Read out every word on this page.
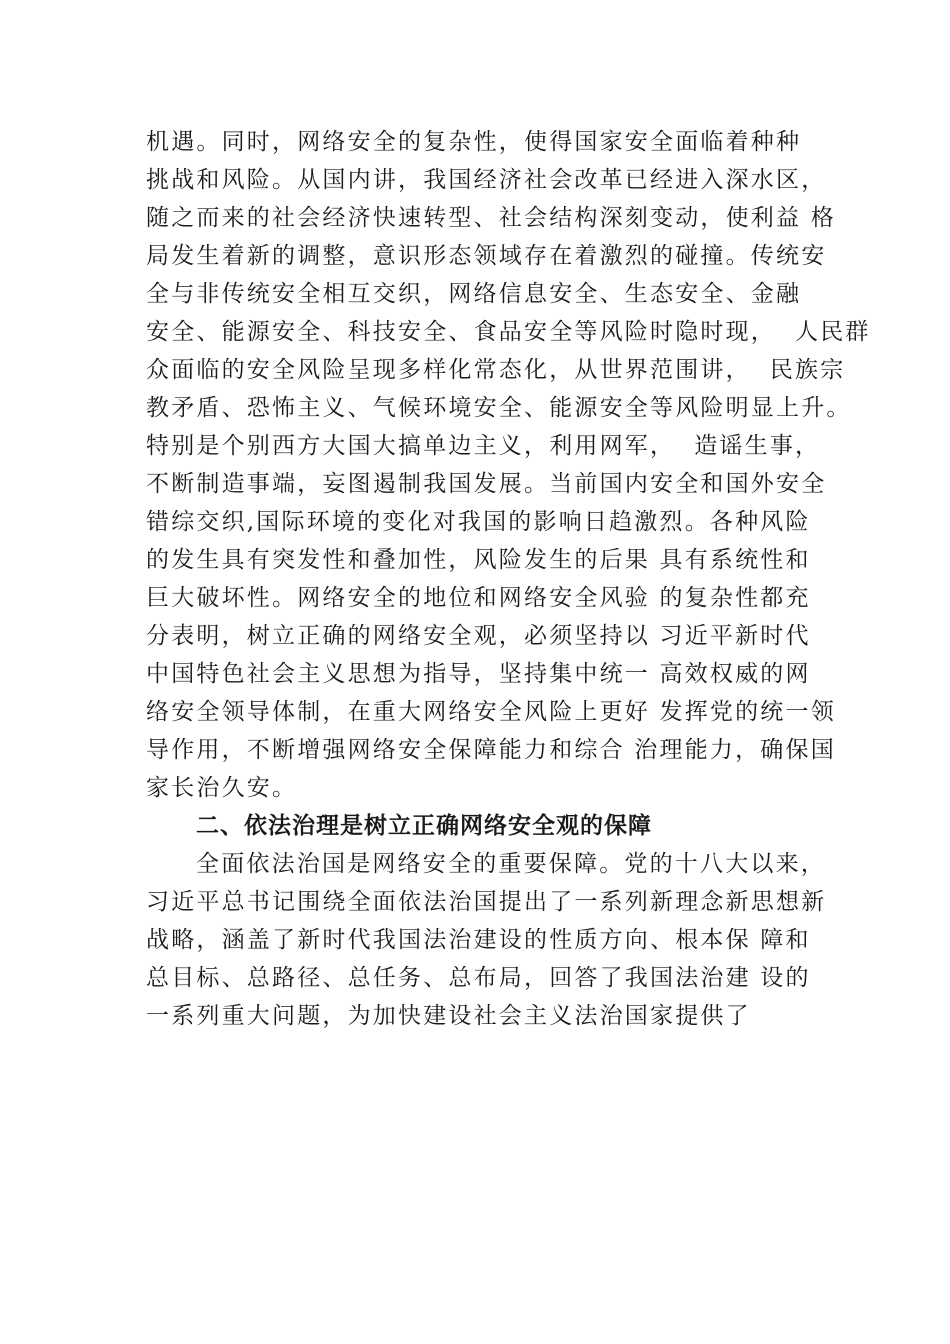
机遇。同时，网络安全的复杂性，使得国家安全面临着种种
挑战和风险。从国内讲，我国经济社会改革已经进入深水区，
随之而来的社会经济快速转型、社会结构深刻变动，使利益 格
局发生着新的调整，意识形态领域存在着激烈的碰撞。传统安
全与非传统安全相互交织，网络信息安全、生态安全、金融
安全、能源安全、科技安全、食品安全等风险时隐时现，  人民群
众面临的安全风险呈现多样化常态化，从世界范围讲，  民族宗
教矛盾、恐怖主义、气候环境安全、能源安全等风险明显上升。
特别是个别西方大国大搞单边主义，利用网军，  造谣生事，
不断制造事端，妄图遏制我国发展。当前国内安全和国外安全
错综交织,国际环境的变化对我国的影响日趋激烈。各种风险
的发生具有突发性和叠加性，风险发生的后果 具有系统性和
巨大破坏性。网络安全的地位和网络安全风验 的复杂性都充
分表明，树立正确的网络安全观，必须坚持以 习近平新时代
中国特色社会主义思想为指导，坚持集中统一 高效权威的网
络安全领导体制，在重大网络安全风险上更好 发挥党的统一领
导作用，不断增强网络安全保障能力和综合 治理能力，确保国
家长治久安。
二、依法治理是树立正确网络安全观的保障
全面依法治国是网络安全的重要保障。党的十八大以来，
习近平总书记围绕全面依法治国提出了一系列新理念新思想新
战略，涵盖了新时代我国法治建设的性质方向、根本保 障和
总目标、总路径、总任务、总布局，回答了我国法治建 设的
一系列重大问题，为加快建设社会主义法治国家提供了
